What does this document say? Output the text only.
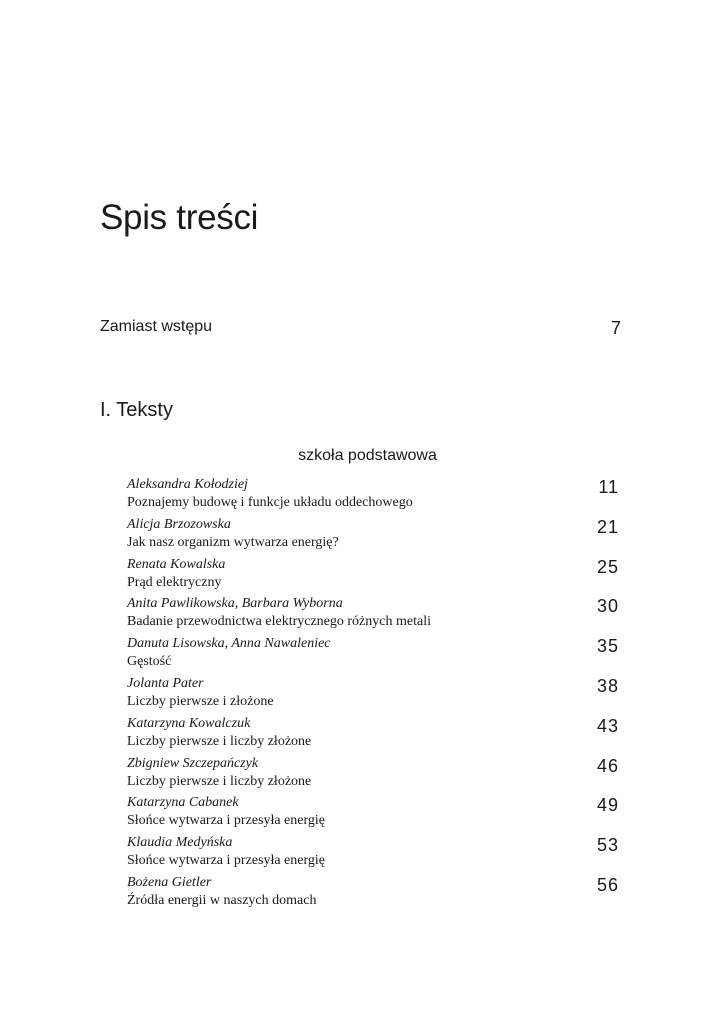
Spis treści
Zamiast wstępu	7
I. Teksty
szkoła podstawowa
Aleksandra Kołodziej
Poznajemy budowę i funkcje układu oddechowego
11
Alicja Brzozowska
Jak nasz organizm wytwarza energię?
21
Renata Kowalska
Prąd elektryczny
25
Anita Pawlikowska, Barbara Wyborna
Badanie przewodnictwa elektrycznego różnych metali
30
Danuta Lisowska, Anna Nawaleniec
Gęstość
35
Jolanta Pater
Liczby pierwsze i złożone
38
Katarzyna Kowalczuk
Liczby pierwsze i liczby złożone
43
Zbigniew Szczepańczyk
Liczby pierwsze i liczby złożone
46
Katarzyna Cabanek
Słońce wytwarza i przesyła energię
49
Klaudia Medyńska
Słońce wytwarza i przesyła energię
53
Bożena Gietler
Źródła energii w naszych domach
56
